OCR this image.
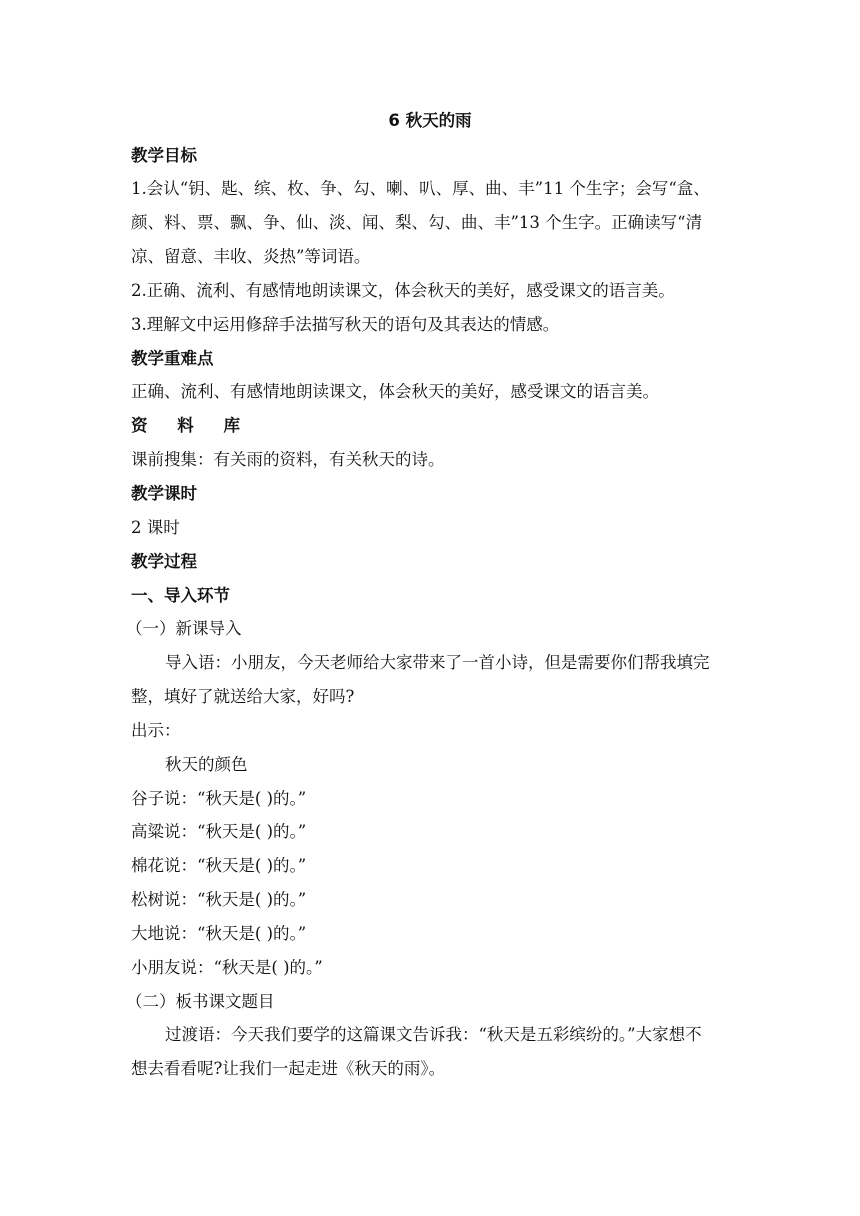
6 秋天的雨
教学目标
1.会认“钥、匙、缤、枚、争、勾、喇、叭、厚、曲、丰”11 个生字；会写“盒、
颜、料、票、飘、争、仙、淡、闻、梨、勾、曲、丰”13 个生字。正确读写“清
凉、留意、丰收、炎热”等词语。
2.正确、流利、有感情地朗读课文，体会秋天的美好，感受课文的语言美。
3.理解文中运用修辞手法描写秋天的语句及其表达的情感。
教学重难点
正确、流利、有感情地朗读课文，体会秋天的美好，感受课文的语言美。
资 料 库
课前搜集：有关雨的资料，有关秋天的诗。
教学课时
2 课时
教学过程
一、导入环节
（一）新课导入
导入语：小朋友，今天老师给大家带来了一首小诗，但是需要你们帮我填完
整，填好了就送给大家，好吗?
出示：
秋天的颜色
谷子说：“秋天是( )的。”
高粱说：“秋天是( )的。”
棉花说：“秋天是( )的。”
松树说：“秋天是( )的。”
大地说：“秋天是( )的。”
小朋友说：“秋天是( )的。”
（二）板书课文题目
过渡语：今天我们要学的这篇课文告诉我：“秋天是五彩缤纷的。”大家想不
想去看看呢?让我们一起走进《秋天的雨》。
